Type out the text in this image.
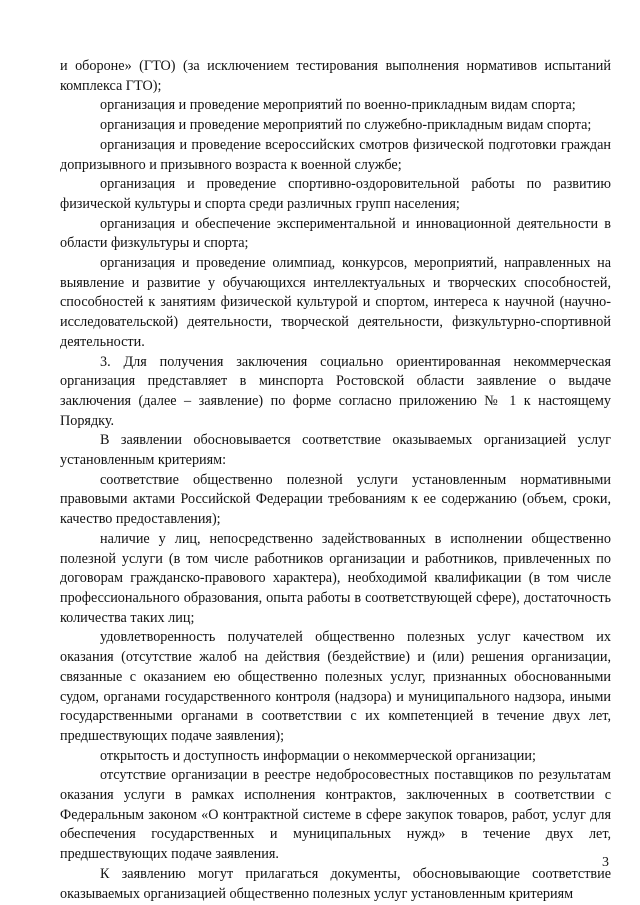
и обороне» (ГТО) (за исключением тестирования выполнения нормативов испытаний комплекса ГТО);

организация и проведение мероприятий по военно-прикладным видам спорта;

организация и проведение мероприятий по служебно-прикладным видам спорта;

организация и проведение всероссийских смотров физической подготовки граждан допризывного и призывного возраста к военной службе;

организация и проведение спортивно-оздоровительной работы по развитию физической культуры и спорта среди различных групп населения;

организация и обеспечение экспериментальной и инновационной деятельности в области физкультуры и спорта;

организация и проведение олимпиад, конкурсов, мероприятий, направленных на выявление и развитие у обучающихся интеллектуальных и творческих способностей, способностей к занятиям физической культурой и спортом, интереса к научной (научно-исследовательской) деятельности, творческой деятельности, физкультурно-спортивной деятельности.

3. Для получения заключения социально ориентированная некоммерческая организация представляет в минспорта Ростовской области заявление о выдаче заключения (далее – заявление) по форме согласно приложению № 1 к настоящему Порядку.

В заявлении обосновывается соответствие оказываемых организацией услуг установленным критериям:

соответствие общественно полезной услуги установленным нормативными правовыми актами Российской Федерации требованиям к ее содержанию (объем, сроки, качество предоставления);

наличие у лиц, непосредственно задействованных в исполнении общественно полезной услуги (в том числе работников организации и работников, привлеченных по договорам гражданско-правового характера), необходимой квалификации (в том числе профессионального образования, опыта работы в соответствующей сфере), достаточность количества таких лиц;

удовлетворенность получателей общественно полезных услуг качеством их оказания (отсутствие жалоб на действия (бездействие) и (или) решения организации, связанные с оказанием ею общественно полезных услуг, признанных обоснованными судом, органами государственного контроля (надзора) и муниципального надзора, иными государственными органами в соответствии с их компетенцией в течение двух лет, предшествующих подаче заявления);

открытость и доступность информации о некоммерческой организации;

отсутствие организации в реестре недобросовестных поставщиков по результатам оказания услуги в рамках исполнения контрактов, заключенных в соответствии с Федеральным законом «О контрактной системе в сфере закупок товаров, работ, услуг для обеспечения государственных и муниципальных нужд» в течение двух лет, предшествующих подаче заявления.

К заявлению могут прилагаться документы, обосновывающие соответствие оказываемых организацией общественно полезных услуг установленным критериям

3
